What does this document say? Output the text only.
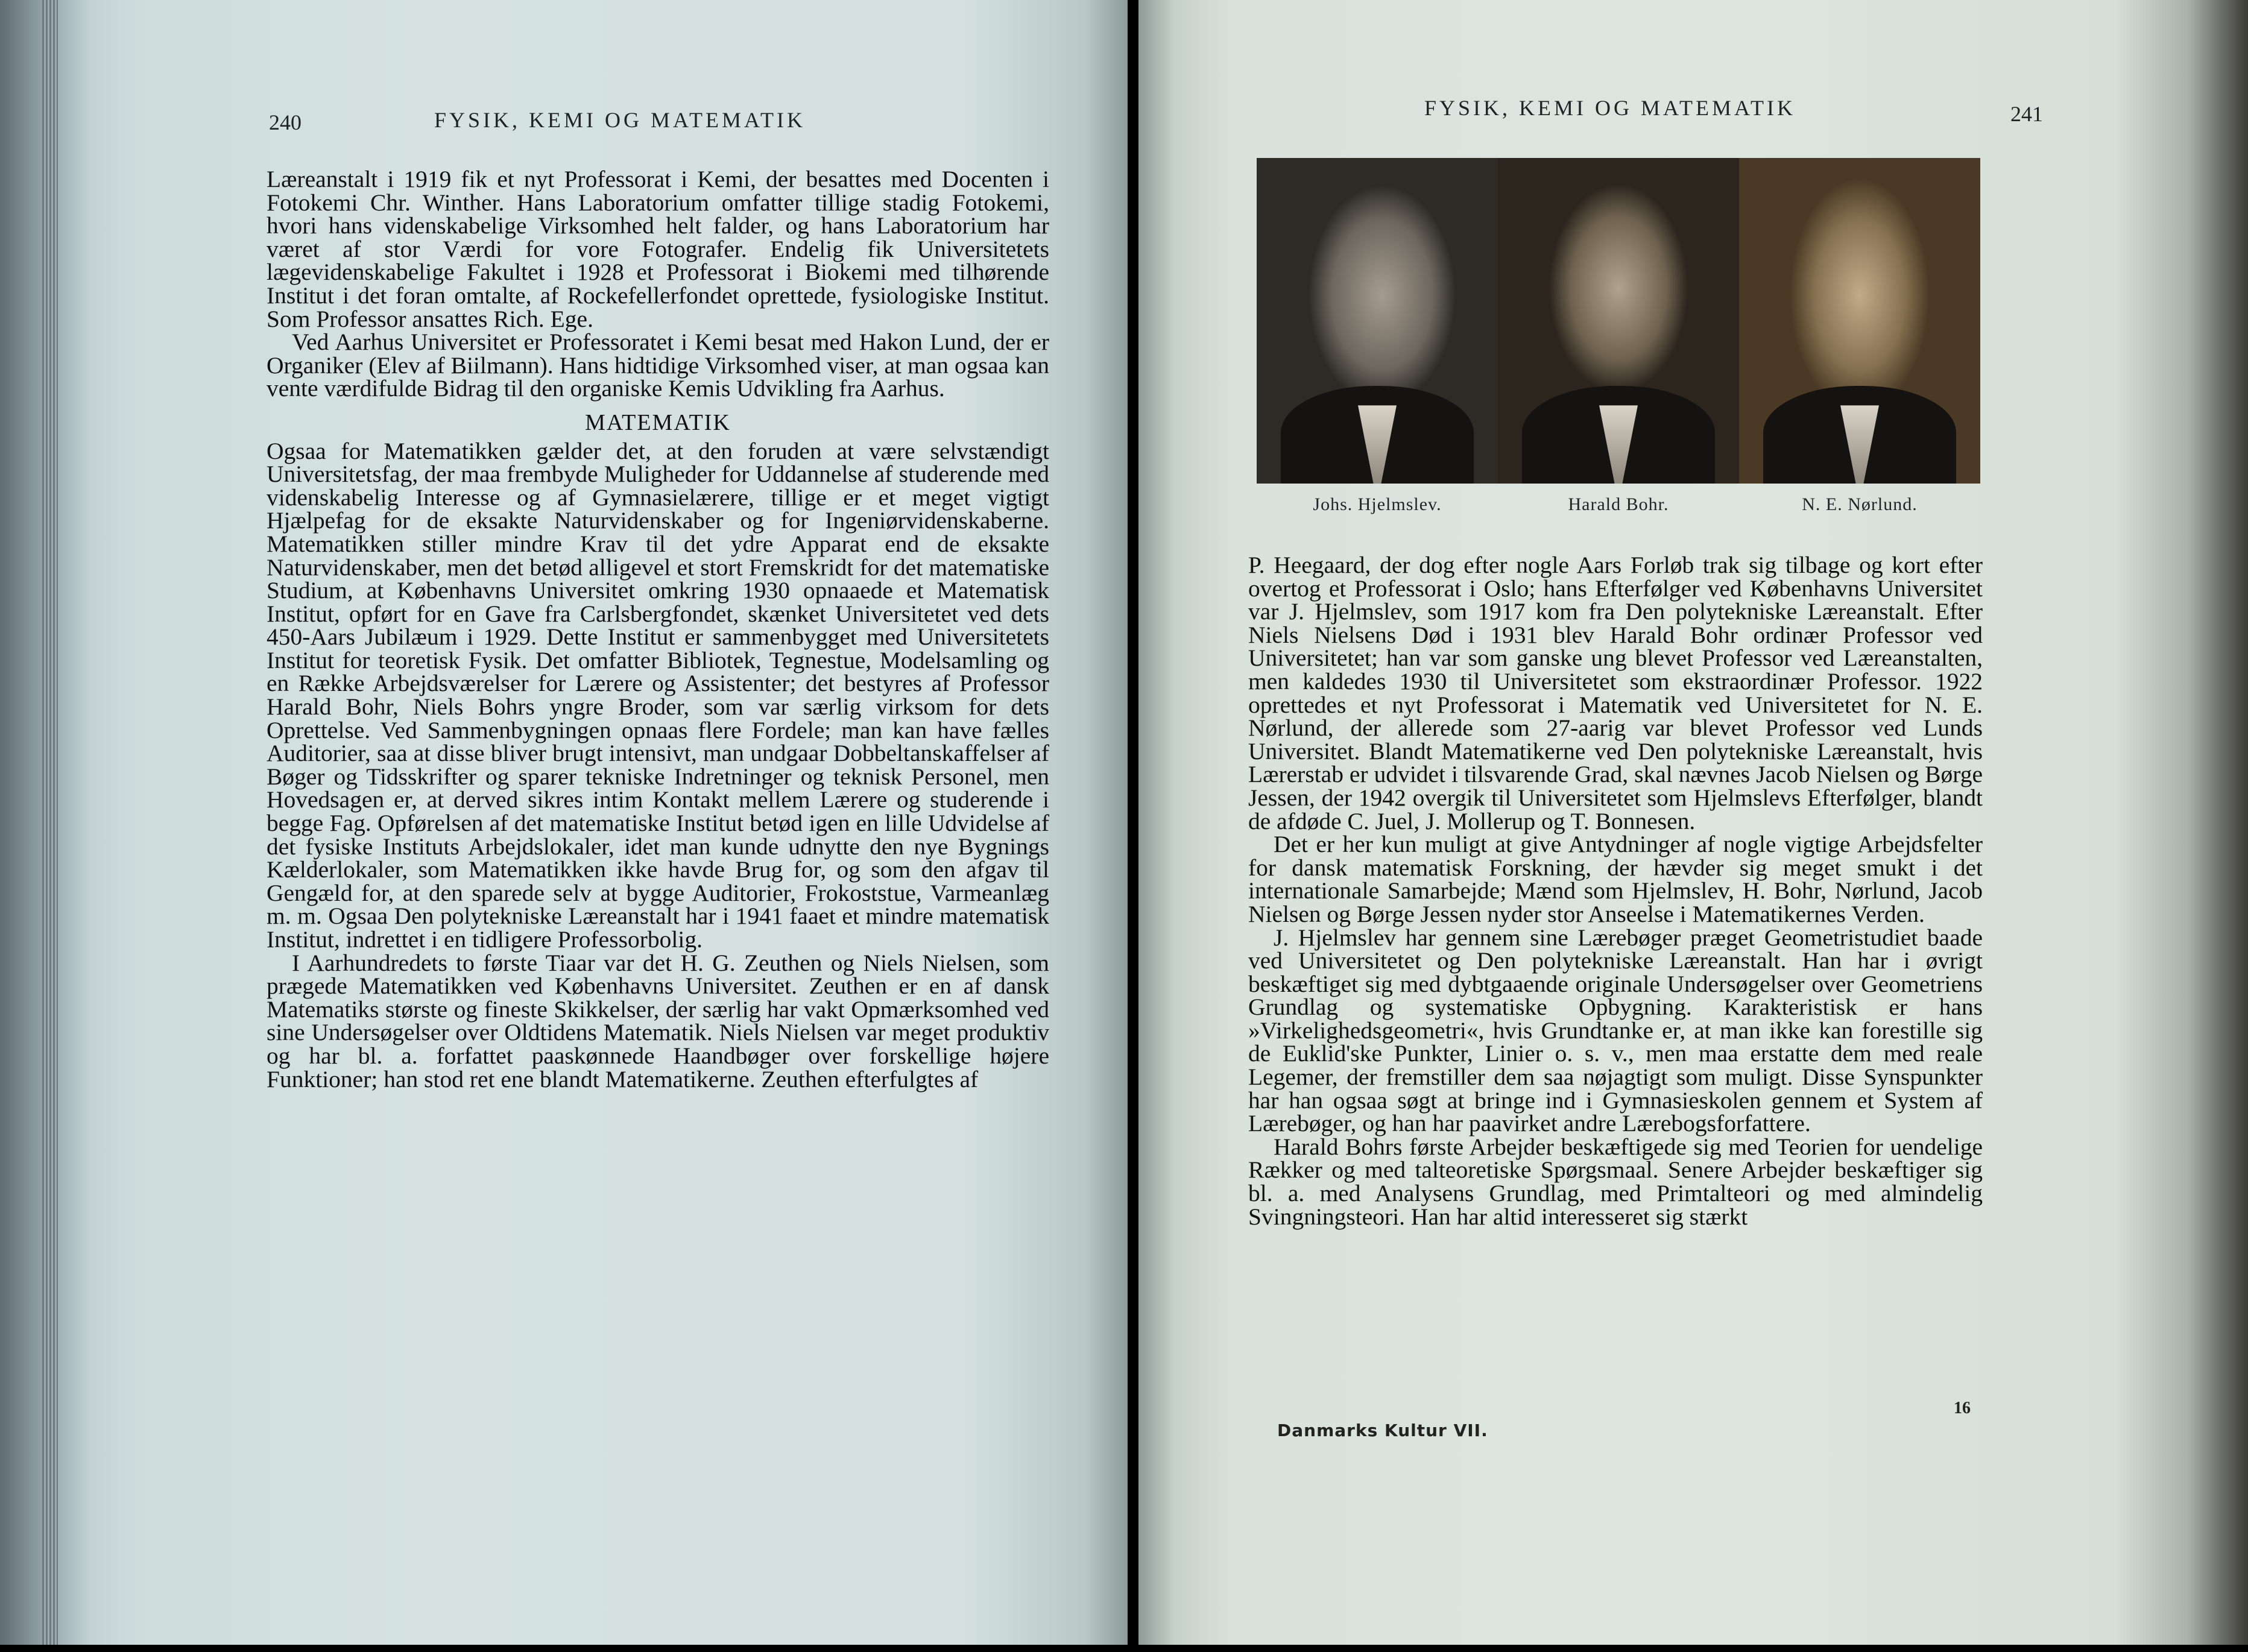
240	FYSIK, KEMI OG MATEMATIK

Læreanstalt i 1919 fik et nyt Professorat i Kemi, der besattes med Docenten i Fotokemi Chr. Winther. Hans Laboratorium omfatter tillige stadig Fotokemi, hvori hans videnskabelige Virksomhed helt falder, og hans Laboratorium har været af stor Værdi for vore Fotografer. Endelig fik Universitetets lægevidenskabelige Fakultet i 1928 et Professorat i Biokemi med tilhørende Institut i det foran omtalte, af Rockefellerfondet oprettede, fysiologiske Institut. Som Professor ansattes Rich. Ege.

Ved Aarhus Universitet er Professoratet i Kemi besat med Hakon Lund, der er Organiker (Elev af Biilmann). Hans hidtidige Virksomhed viser, at man ogsaa kan vente værdifulde Bidrag til den organiske Kemis Udvikling fra Aarhus.

MATEMATIK

Ogsaa for Matematikken gælder det, at den foruden at være selvstændigt Universitetsfag, der maa frembyde Muligheder for Uddannelse af studerende med videnskabelig Interesse og af Gymnasielærere, tillige er et meget vigtigt Hjælpefag for de eksakte Naturvidenskaber og for Ingeniørvidenskaberne. Matematikken stiller mindre Krav til det ydre Apparat end de eksakte Naturvidenskaber, men det betød alligevel et stort Fremskridt for det matematiske Studium, at Københavns Universitet omkring 1930 opnaaede et Matematisk Institut, opført for en Gave fra Carlsbergfondet, skænket Universitetet ved dets 450-Aars Jubilæum i 1929. Dette Institut er sammenbygget med Universitetets Institut for teoretisk Fysik. Det omfatter Bibliotek, Tegnestue, Modelsamling og en Række Arbejdsværelser for Lærere og Assistenter; det bestyres af Professor Harald Bohr, Niels Bohrs yngre Broder, som var særlig virksom for dets Oprettelse. Ved Sammenbygningen opnaas flere Fordele; man kan have fælles Auditorier, saa at disse bliver brugt intensivt, man undgaar Dobbeltanskaffelser af Bøger og Tidsskrifter og sparer tekniske Indretninger og teknisk Personel, men Hovedsagen er, at derved sikres intim Kontakt mellem Lærere og studerende i begge Fag. Opførelsen af det matematiske Institut betød igen en lille Udvidelse af det fysiske Instituts Arbejdslokaler, idet man kunde udnytte den nye Bygnings Kælderlokaler, som Matematikken ikke havde Brug for, og som den afgav til Gengæld for, at den sparede selv at bygge Auditorier, Frokoststue, Varmeanlæg m. m. Ogsaa Den polytekniske Læreanstalt har i 1941 faaet et mindre matematisk Institut, indrettet i en tidligere Professorbolig.

I Aarhundredets to første Tiaar var det H. G. Zeuthen og Niels Nielsen, som prægede Matematikken ved Københavns Universitet. Zeuthen er en af dansk Matematiks største og fineste Skikkelser, der særlig har vakt Opmærksomhed ved sine Undersøgelser over Oldtidens Matematik. Niels Nielsen var meget produktiv og har bl. a. forfattet paaskønnede Haandbøger over forskellige højere Funktioner; han stod ret ene blandt Matematikerne. Zeuthen efterfulgtes af

FYSIK, KEMI OG MATEMATIK	241
Johs. Hjelmslev.	Harald Bohr.	N. E. Nørlund.

P. Heegaard, der dog efter nogle Aars Forløb trak sig tilbage og kort efter overtog et Professorat i Oslo; hans Efterfølger ved Københavns Universitet var J. Hjelmslev, som 1917 kom fra Den polytekniske Læreanstalt. Efter Niels Nielsens Død i 1931 blev Harald Bohr ordinær Professor ved Universitetet; han var som ganske ung blevet Professor ved Læreanstalten, men kaldedes 1930 til Universitetet som ekstraordinær Professor. 1922 oprettedes et nyt Professorat i Matematik ved Universitetet for N. E. Nørlund, der allerede som 27-aarig var blevet Professor ved Lunds Universitet. Blandt Matematikerne ved Den polytekniske Læreanstalt, hvis Lærerstab er udvidet i tilsvarende Grad, skal nævnes Jacob Nielsen og Børge Jessen, der 1942 overgik til Universitetet som Hjelmslevs Efterfølger, blandt de afdøde C. Juel, J. Mollerup og T. Bonnesen.

Det er her kun muligt at give Antydninger af nogle vigtige Arbejdsfelter for dansk matematisk Forskning, der hævder sig meget smukt i det internationale Samarbejde; Mænd som Hjelmslev, H. Bohr, Nørlund, Jacob Nielsen og Børge Jessen nyder stor Anseelse i Matematikernes Verden.

J. Hjelmslev har gennem sine Lærebøger præget Geometristudiet baade ved Universitetet og Den polytekniske Læreanstalt. Han har i øvrigt beskæftiget sig med dybtgaaende originale Undersøgelser over Geometriens Grundlag og systematiske Opbygning. Karakteristisk er hans »Virkelighedsgeometri«, hvis Grundtanke er, at man ikke kan forestille sig de Euklid'ske Punkter, Linier o. s. v., men maa erstatte dem med reale Legemer, der fremstiller dem saa nøjagtigt som muligt. Disse Synspunkter har han ogsaa søgt at bringe ind i Gymnasieskolen gennem et System af Lærebøger, og han har paavirket andre Lærebogsforfattere.

Harald Bohrs første Arbejder beskæftigede sig med Teorien for uendelige Rækker og med talteoretiske Spørgsmaal. Senere Arbejder beskæftiger sig bl. a. med Analysens Grundlag, med Primtalteori og med almindelig Svingningsteori. Han har altid interesseret sig stærkt

Danmarks Kultur VII.
16
